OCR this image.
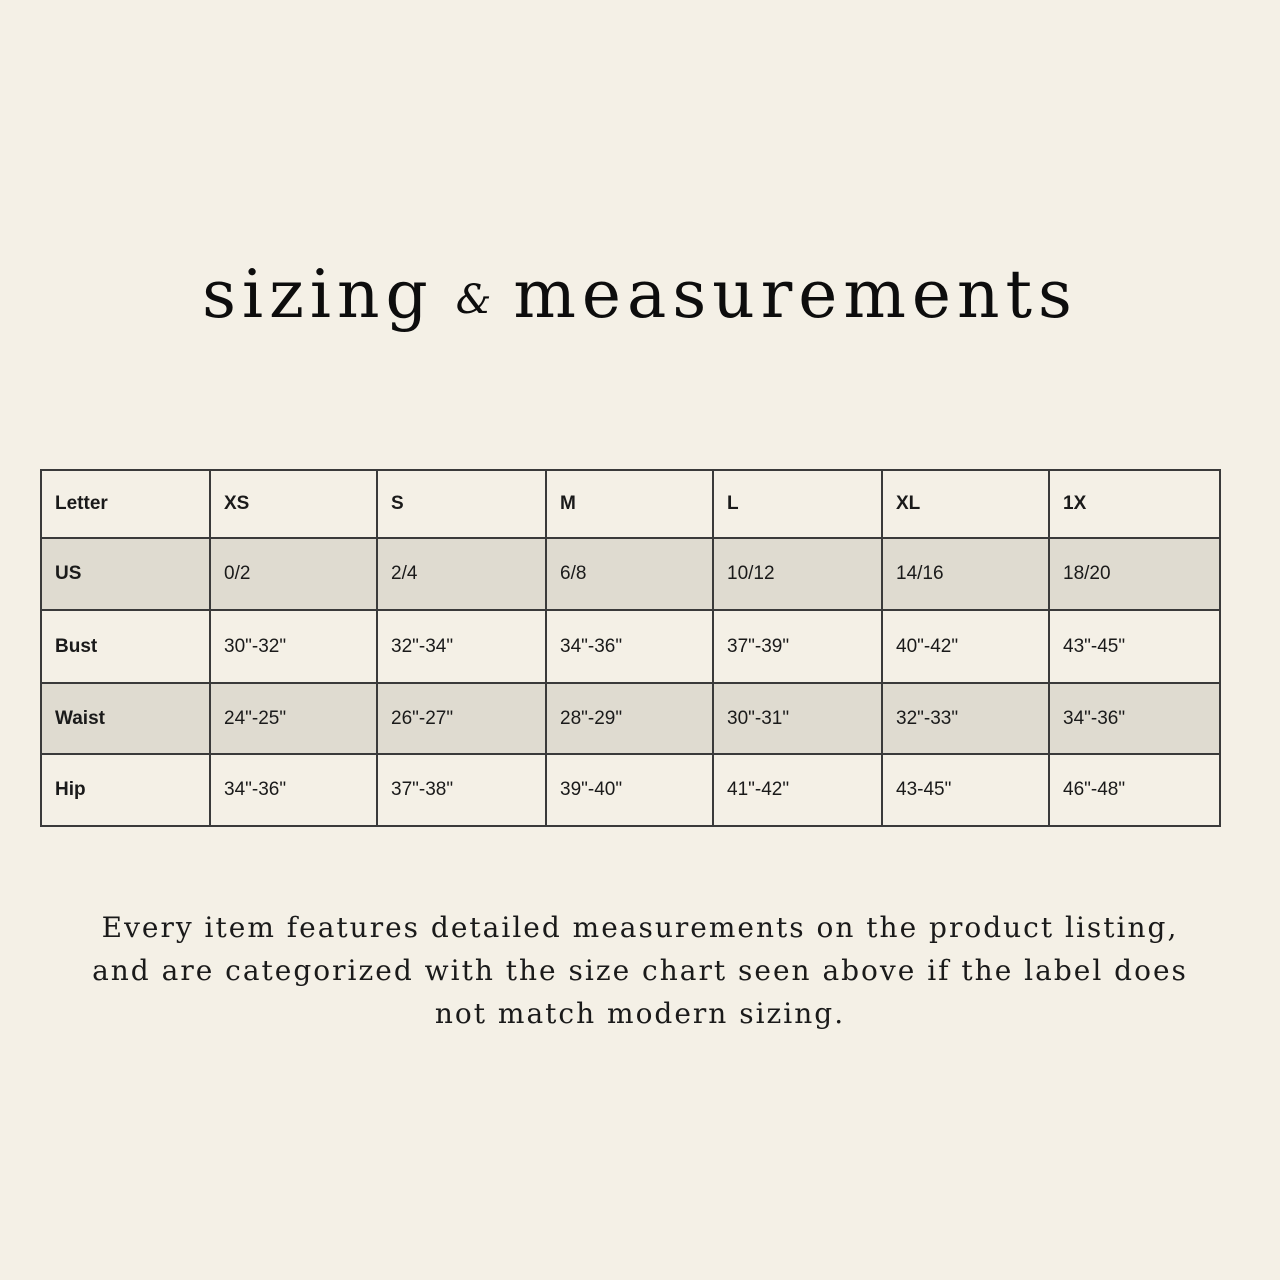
sizing & measurements
Letter	XS	S	M	L	XL	1X
US	0/2	2/4	6/8	10/12	14/16	18/20
Bust	30"-32"	32"-34"	34"-36"	37"-39"	40"-42"	43"-45"
Waist	24"-25"	26"-27"	28"-29"	30"-31"	32"-33"	34"-36"
Hip	34"-36"	37"-38"	39"-40"	41"-42"	43-45"	46"-48"
Every item features detailed measurements on the product listing,
and are categorized with the size chart seen above if the label does
not match modern sizing.
